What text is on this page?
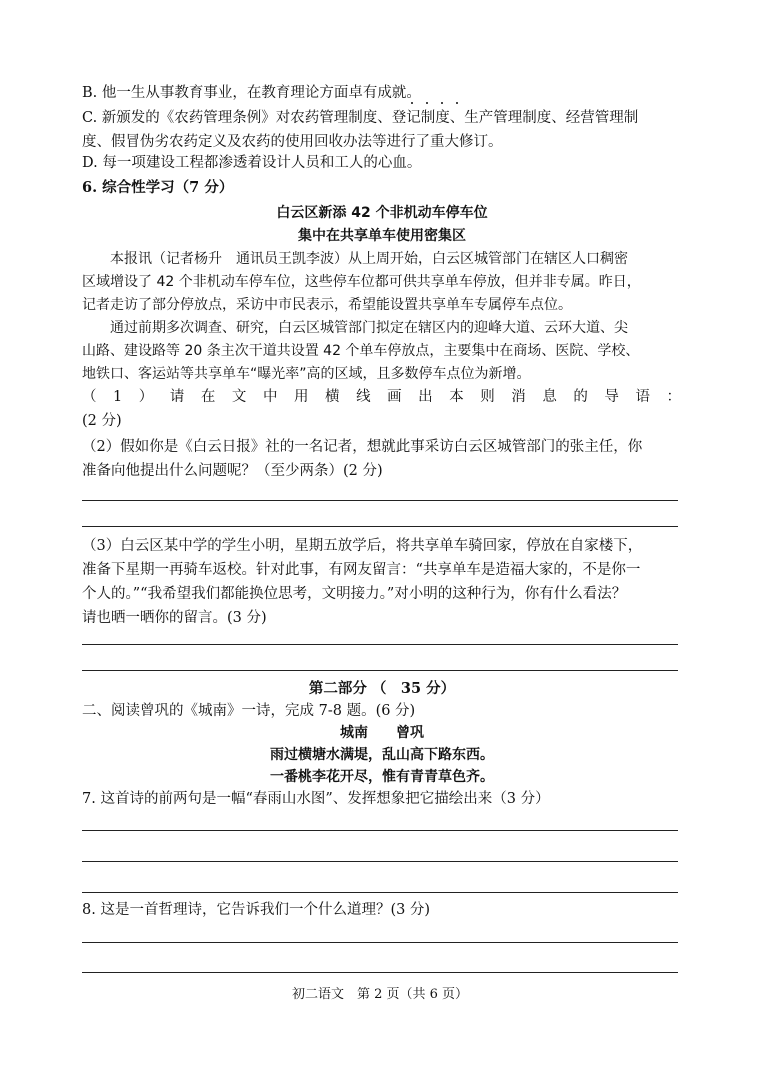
B. 他一生从事教育事业，在教育理论方面卓有成就。
C. 新颁发的《农药管理条例》对农药管理制度、登记制度、生产管理制度、经营管理制
度、假冒伪劣农药定义及农药的使用回收办法等进行了重大修订。
D. 每一项建设工程都渗透着设计人员和工人的心血。
6. 综合性学习（7 分）
白云区新添 42 个非机动车停车位
集中在共享单车使用密集区
本报讯（记者杨升　通讯员王凯李波）从上周开始，白云区城管部门在辖区人口稠密
区域增设了 42 个非机动车停车位，这些停车位都可供共享单车停放，但并非专属。昨日，
记者走访了部分停放点，采访中市民表示，希望能设置共享单车专属停车点位。
通过前期多次调查、研究，白云区城管部门拟定在辖区内的迎峰大道、云环大道、尖
山路、建设路等 20 条主次干道共设置 42 个单车停放点，主要集中在商场、医院、学校、
地铁口、客运站等共享单车“曝光率”高的区域，且多数停车点位为新增。
（1）请在文中用横线画出本则消息的导语：
(2 分)
（2）假如你是《白云日报》社的一名记者，想就此事采访白云区城管部门的张主任，你
准备向他提出什么问题呢？（至少两条）(2 分)
（3）白云区某中学的学生小明，星期五放学后，将共享单车骑回家，停放在自家楼下，
准备下星期一再骑车返校。针对此事，有网友留言：“共享单车是造福大家的，不是你一
个人的。”“我希望我们都能换位思考，文明接力。”对小明的这种行为，你有什么看法？
请也晒一晒你的留言。(3 分)
第二部分 （　35 分）
二、阅读曾巩的《城南》一诗，完成 7-8 题。(6 分)
城南　　曾巩
雨过横塘水满堤，乱山高下路东西。
一番桃李花开尽，惟有青青草色齐。
7. 这首诗的前两句是一幅“春雨山水图”、发挥想象把它描绘出来（3 分）
8. 这是一首哲理诗，它告诉我们一个什么道理？(3 分)
初二语文　第 2 页（共 6 页）
